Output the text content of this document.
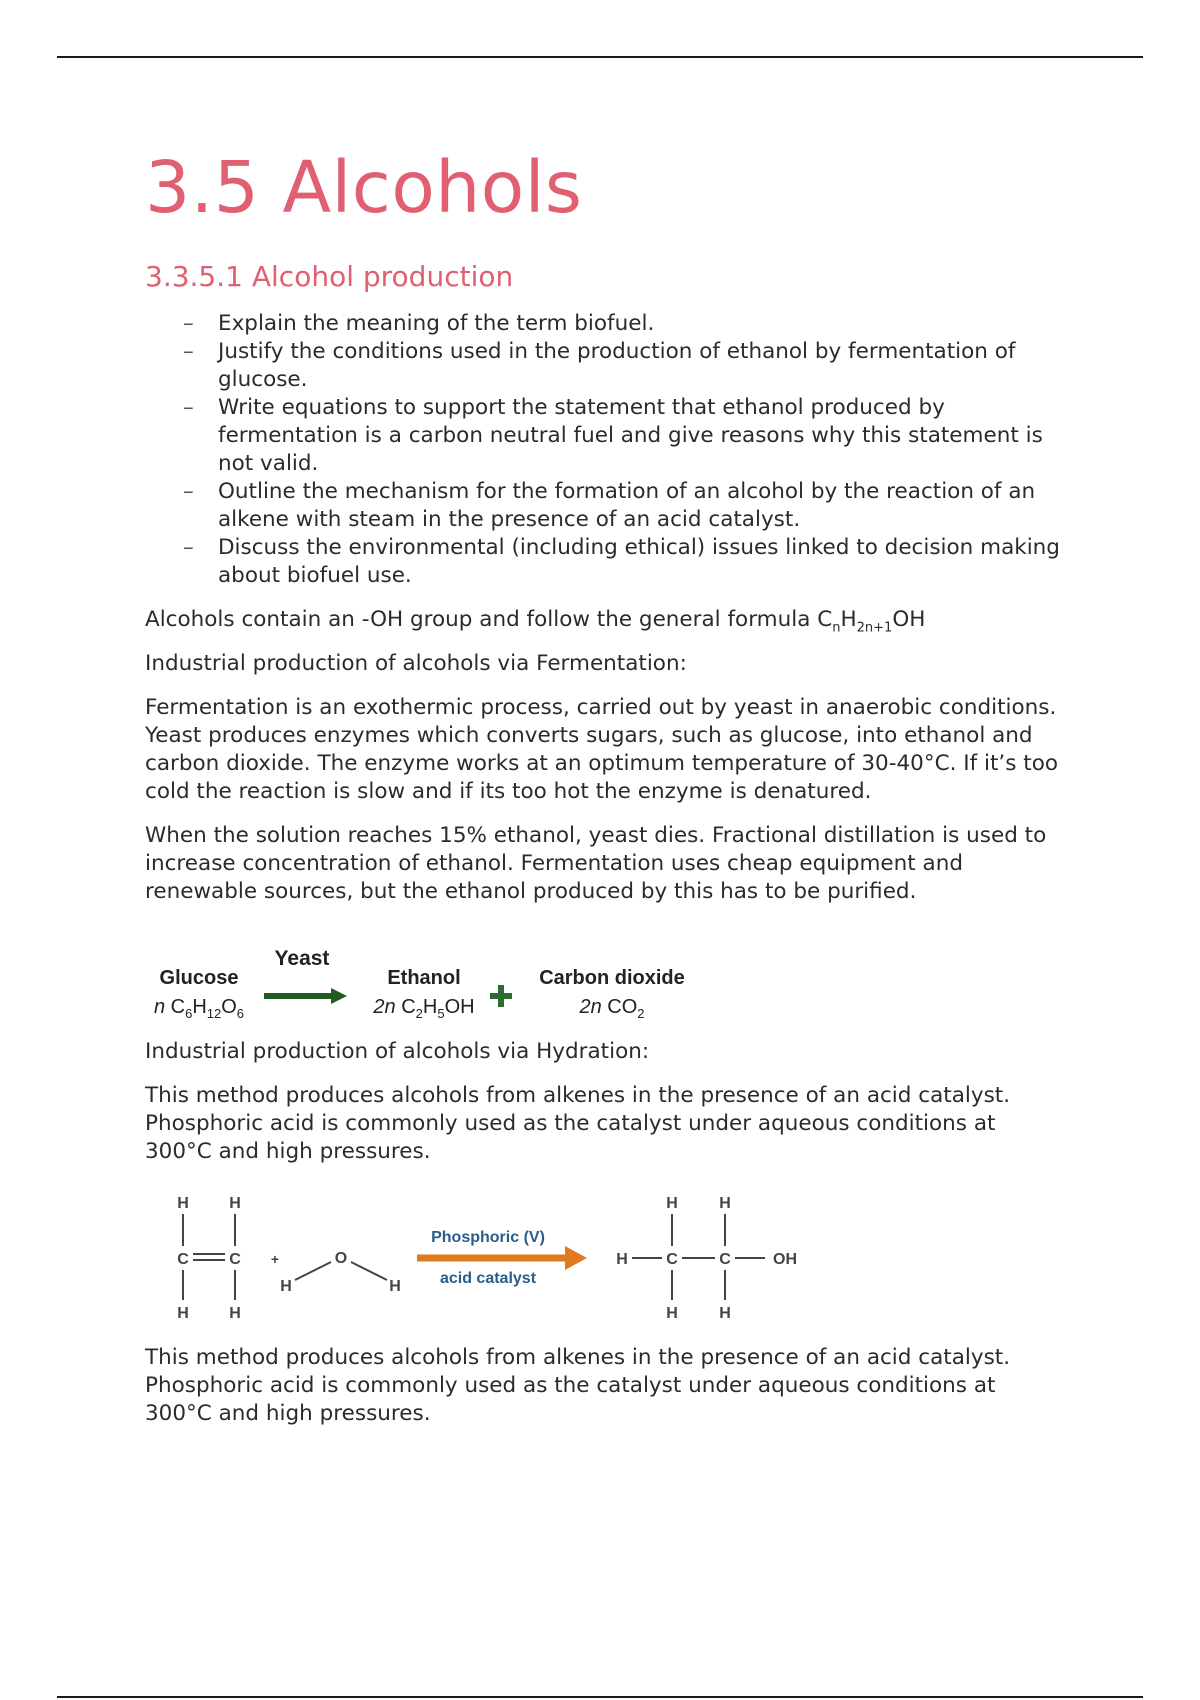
3.5 Alcohols
3.3.5.1 Alcohol production
– Explain the meaning of the term biofuel.
– Justify the conditions used in the production of ethanol by fermentation of glucose.
– Write equations to support the statement that ethanol produced by fermentation is a carbon neutral fuel and give reasons why this statement is not valid.
– Outline the mechanism for the formation of an alcohol by the reaction of an alkene with steam in the presence of an acid catalyst.
– Discuss the environmental (including ethical) issues linked to decision making about biofuel use.

Alcohols contain an -OH group and follow the general formula $C_nH_{2n+1}OH$

Industrial production of alcohols via Fermentation:

Fermentation is an exothermic process, carried out by yeast in anaerobic conditions. Yeast produces enzymes which converts sugars, such as glucose, into ethanol and carbon dioxide. The enzyme works at an optimum temperature of 30-40°C. If it’s too cold the reaction is slow and if its too hot the enzyme is denatured.

When the solution reaches 15% ethanol, yeast dies. Fractional distillation is used to increase concentration of ethanol. Fermentation uses cheap equipment and renewable sources, but the ethanol produced by this has to be purified.

Yeast
Glucose
n $C_6H_{12}O_6$
Ethanol
2n $C_2H_5OH$
Carbon dioxide
2n $CO_2$

Industrial production of alcohols via Hydration:

This method produces alcohols from alkenes in the presence of an acid catalyst. Phosphoric acid is commonly used as the catalyst under aqueous conditions at 300°C and high pressures.

H	H
C	C
H	H
+
H
O
H
H	H
H C	C	OH
H	H
Phosphoric (V)
acid catalyst

This method produces alcohols from alkenes in the presence of an acid catalyst. Phosphoric acid is commonly used as the catalyst under aqueous conditions at 300°C and high pressures.
